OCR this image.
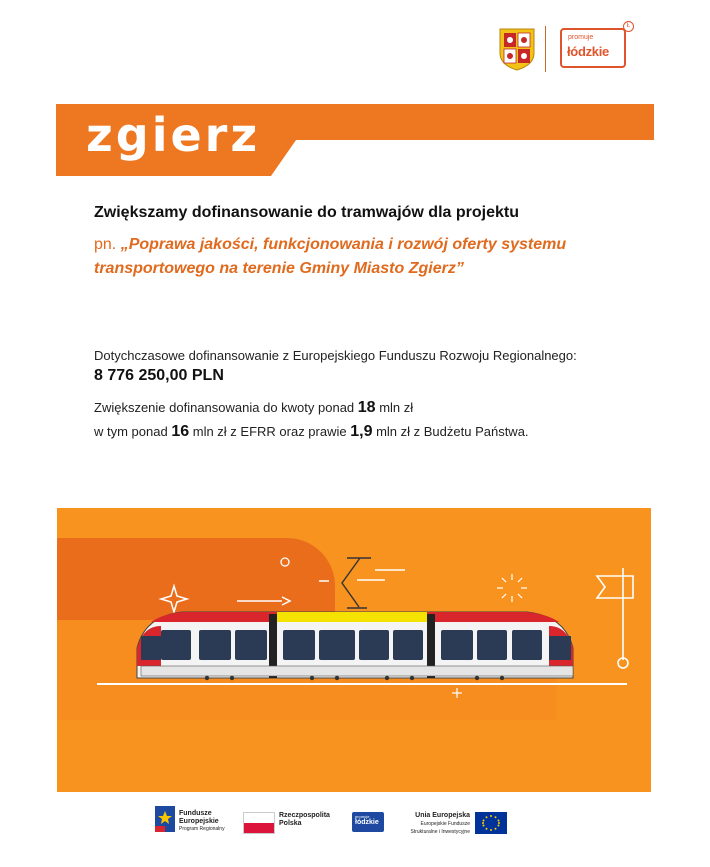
promuje
łódzkie
Ł
zgierz
Zwiększamy dofinansowanie do tramwajów dla projektu
pn. „Poprawa jakości, funkcjonowania i rozwój oferty systemu transportowego na terenie Gminy Miasto Zgierz”
Dotychczasowe dofinansowanie z Europejskiego Funduszu Rozwoju Regionalnego:
8 776 250,00 PLN
Zwiększenie dofinansowania do kwoty ponad 18 mln zł
w tym ponad 16 mln zł z EFRR oraz prawie 1,9 mln zł z Budżetu Państwa.
Fundusze
Europejskie
Program Regionalny
Rzeczpospolita
Polska
promuje
łódzkie
Unia Europejska
Europejskie Fundusze
Strukturalne i Inwestycyjne
